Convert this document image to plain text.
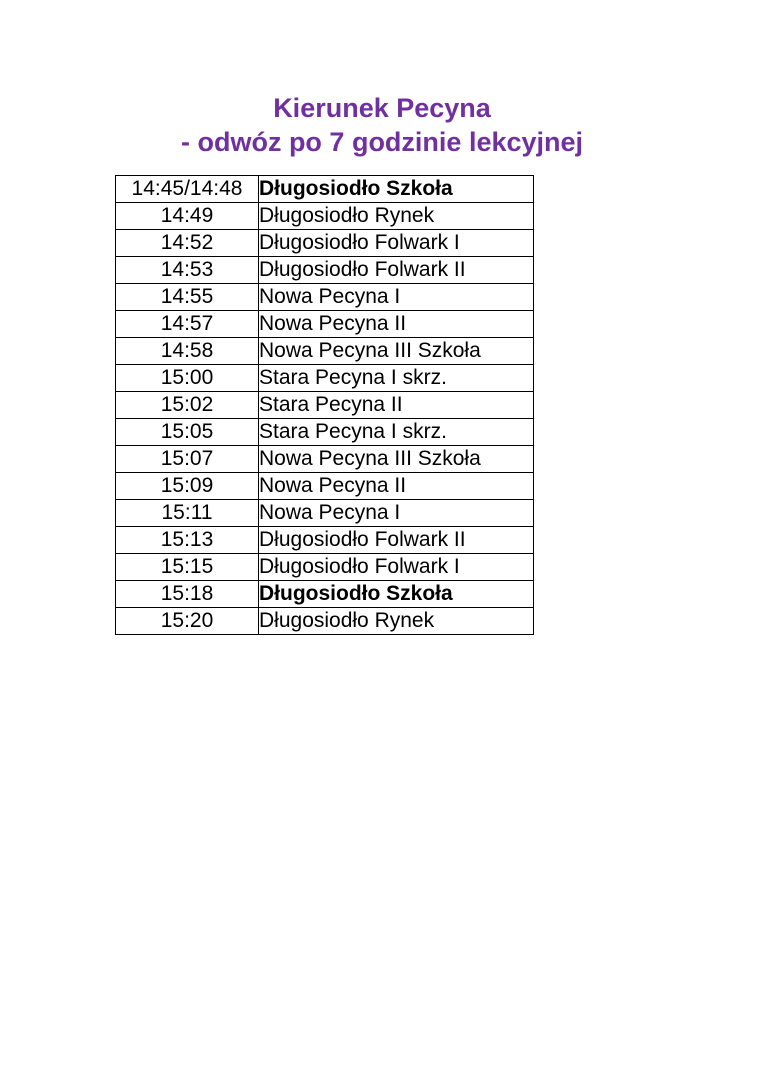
Kierunek Pecyna
- odwóz po 7 godzinie lekcyjnej
14:45/14:48	Długosiodło Szkoła
14:49	Długosiodło Rynek
14:52	Długosiodło Folwark I
14:53	Długosiodło Folwark II
14:55	Nowa Pecyna I
14:57	Nowa Pecyna II
14:58	Nowa Pecyna III Szkoła
15:00	Stara Pecyna I skrz.
15:02	Stara Pecyna II
15:05	Stara Pecyna I skrz.
15:07	Nowa Pecyna III Szkoła
15:09	Nowa Pecyna II
15:11	Nowa Pecyna I
15:13	Długosiodło Folwark II
15:15	Długosiodło Folwark I
15:18	Długosiodło Szkoła
15:20	Długosiodło Rynek
